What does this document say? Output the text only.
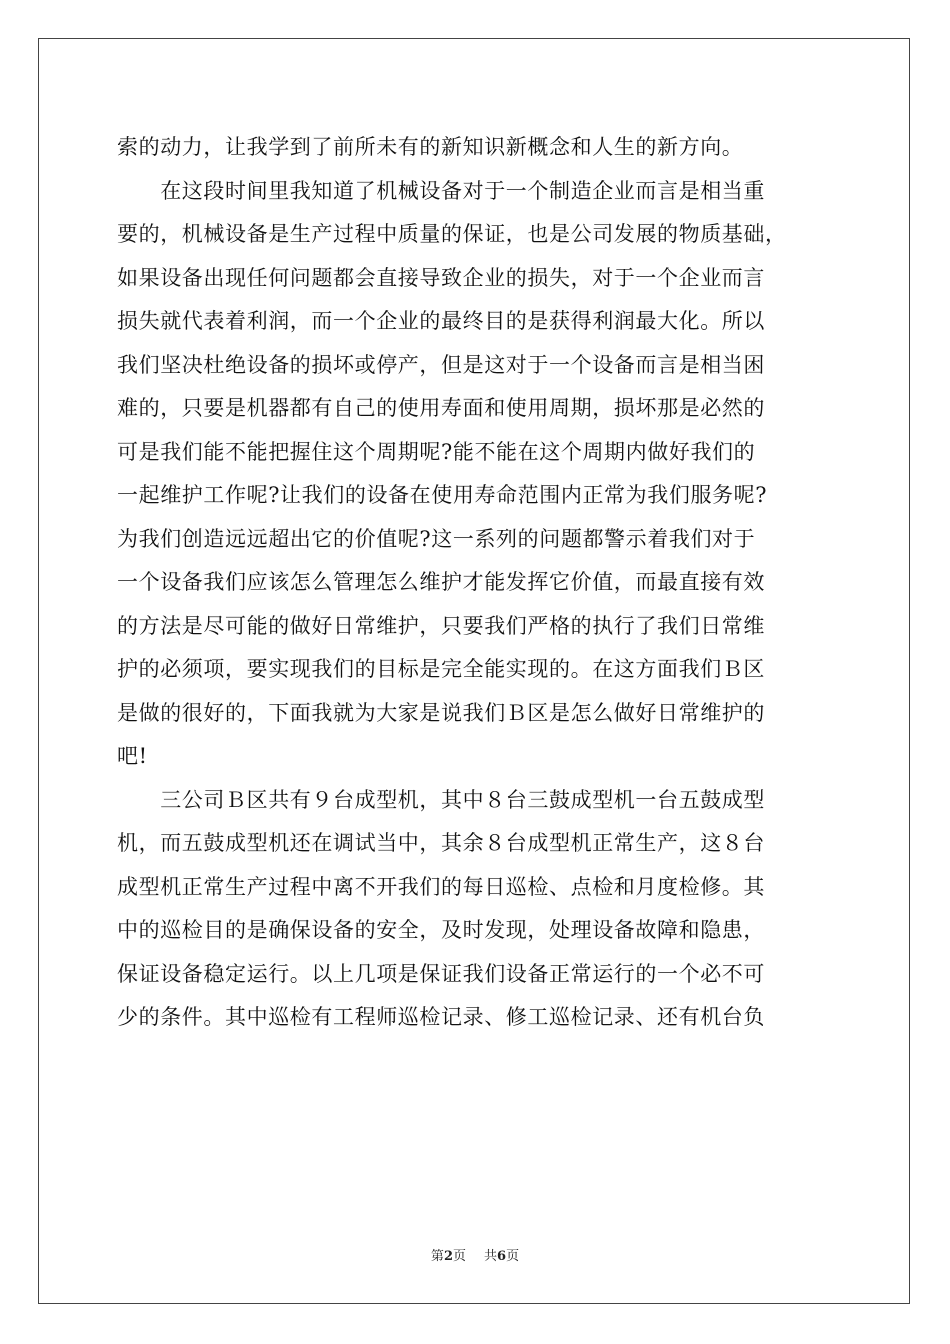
索的动力，让我学到了前所未有的新知识新概念和人生的新方向。
　　在这段时间里我知道了机械设备对于一个制造企业而言是相当重
要的，机械设备是生产过程中质量的保证，也是公司发展的物质基础，
如果设备出现任何问题都会直接导致企业的损失，对于一个企业而言
损失就代表着利润，而一个企业的最终目的是获得利润最大化。所以
我们坚决杜绝设备的损坏或停产，但是这对于一个设备而言是相当困
难的，只要是机器都有自己的使用寿面和使用周期，损坏那是必然的
可是我们能不能把握住这个周期呢?能不能在这个周期内做好我们的
一起维护工作呢?让我们的设备在使用寿命范围内正常为我们服务呢?
为我们创造远远超出它的价值呢?这一系列的问题都警示着我们对于
一个设备我们应该怎么管理怎么维护才能发挥它价值，而最直接有效
的方法是尽可能的做好日常维护，只要我们严格的执行了我们日常维
护的必须项，要实现我们的目标是完全能实现的。在这方面我们Ｂ区
是做的很好的，下面我就为大家是说我们Ｂ区是怎么做好日常维护的
吧!
　　三公司Ｂ区共有９台成型机，其中８台三鼓成型机一台五鼓成型
机，而五鼓成型机还在调试当中，其余８台成型机正常生产，这８台
成型机正常生产过程中离不开我们的每日巡检、点检和月度检修。其
中的巡检目的是确保设备的安全，及时发现，处理设备故障和隐患，
保证设备稳定运行。以上几项是保证我们设备正常运行的一个必不可
少的条件。其中巡检有工程师巡检记录、修工巡检记录、还有机台负
第2页 共6页
